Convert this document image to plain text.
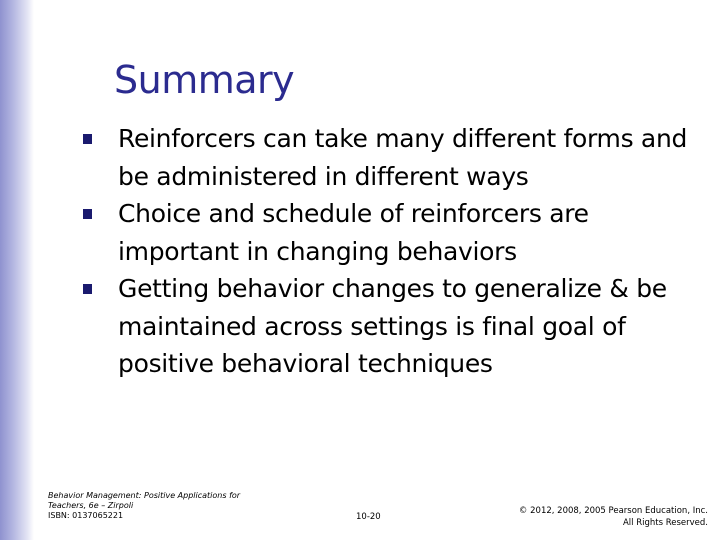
Summary
Reinforcers can take many different forms and be administered in different ways
Choice and schedule of reinforcers are important in changing behaviors
Getting behavior changes to generalize & be maintained across settings is final goal of positive behavioral techniques
Behavior Management: Positive Applications for Teachers, 6e – Zirpoli
ISBN: 0137065221	10-20
© 2012, 2008, 2005 Pearson Education, Inc.
All Rights Reserved.
